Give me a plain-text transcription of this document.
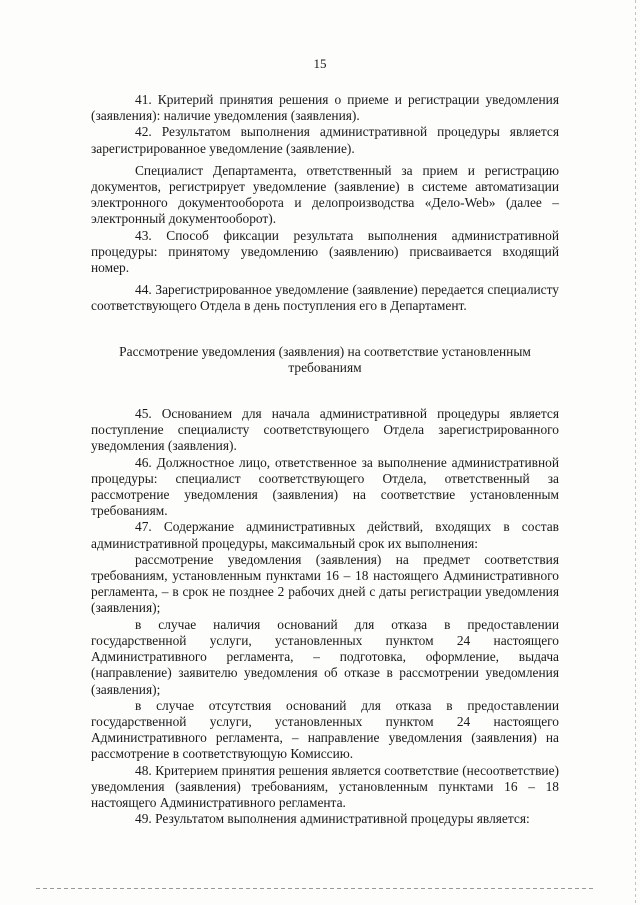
15

41. Критерий принятия решения о приеме и регистрации уведомления (заявления): наличие уведомления (заявления).

42. Результатом выполнения административной процедуры является зарегистрированное уведомление (заявление).

Специалист Департамента, ответственный за прием и регистрацию документов, регистрирует уведомление (заявление) в системе автоматизации электронного документооборота и делопроизводства «Дело-Web» (далее – электронный документооборот).

43. Способ фиксации результата выполнения административной процедуры: принятому уведомлению (заявлению) присваивается входящий номер.

44. Зарегистрированное уведомление (заявление) передается специалисту соответствующего Отдела в день поступления его в Департамент.

Рассмотрение уведомления (заявления) на соответствие установленным требованиям

45. Основанием для начала административной процедуры является поступление специалисту соответствующего Отдела зарегистрированного уведомления (заявления).

46. Должностное лицо, ответственное за выполнение административной процедуры: специалист соответствующего Отдела, ответственный за рассмотрение уведомления (заявления) на соответствие установленным требованиям.

47. Содержание административных действий, входящих в состав административной процедуры, максимальный срок их выполнения:

рассмотрение уведомления (заявления) на предмет соответствия требованиям, установленным пунктами 16 – 18 настоящего Административного регламента, – в срок не позднее 2 рабочих дней с даты регистрации уведомления (заявления);

в случае наличия оснований для отказа в предоставлении государственной услуги, установленных пунктом 24 настоящего Административного регламента, – подготовка, оформление, выдача (направление) заявителю уведомления об отказе в рассмотрении уведомления (заявления);

в случае отсутствия оснований для отказа в предоставлении государственной услуги, установленных пунктом 24 настоящего Административного регламента, – направление уведомления (заявления) на рассмотрение в соответствующую Комиссию.

48. Критерием принятия решения является соответствие (несоответствие) уведомления (заявления) требованиям, установленным пунктами 16 – 18 настоящего Административного регламента.

49. Результатом выполнения административной процедуры является:
